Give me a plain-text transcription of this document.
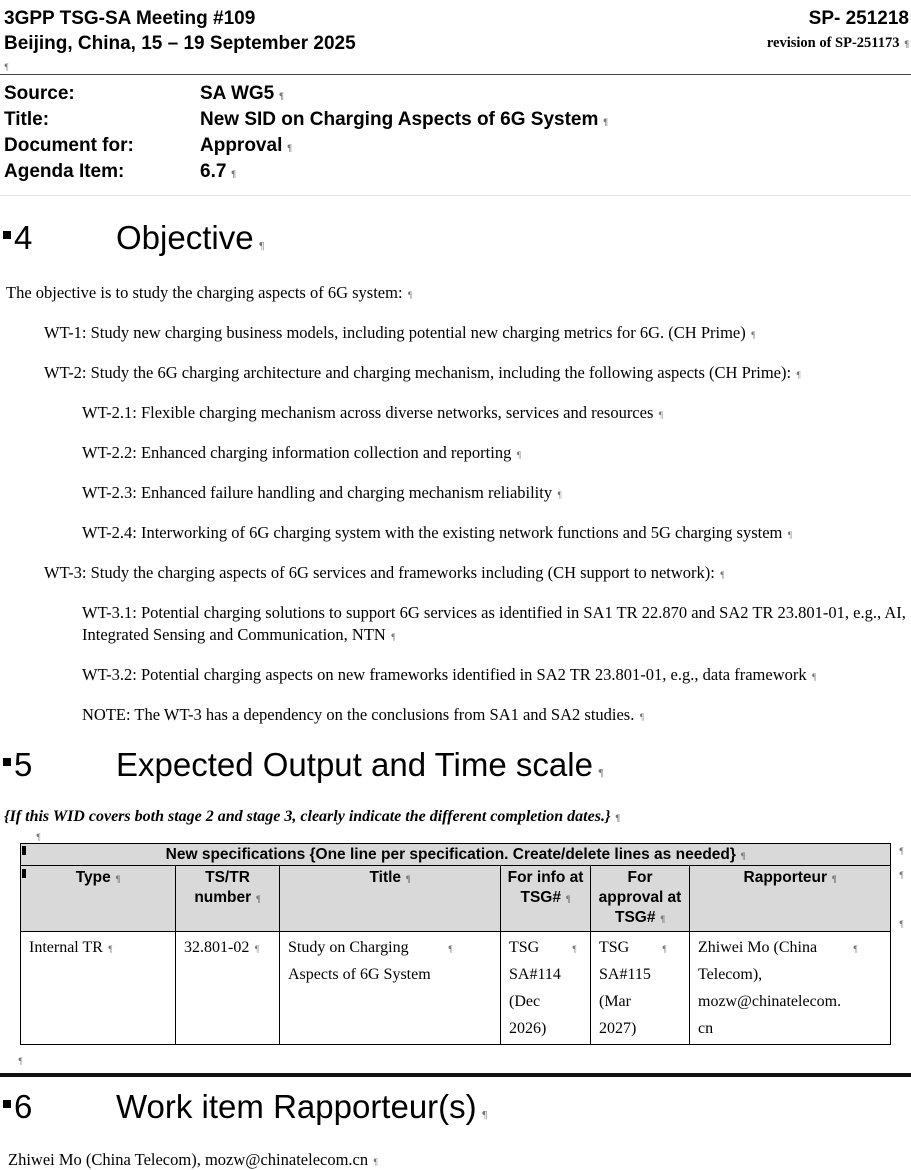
3GPP TSG-SA Meeting #109
Beijing, China, 15 – 19 September 2025
SP- 251218
revision of SP-251173 ¶
¶
Source:	SA WG5 ¶
Title:	New SID on Charging Aspects of 6G System ¶
Document for:	Approval ¶
Agenda Item:	6.7 ¶
4	Objective ¶

The objective is to study the charging aspects of 6G system: ¶

WT-1: Study new charging business models, including potential new charging metrics for 6G. (CH Prime) ¶

WT-2: Study the 6G charging architecture and charging mechanism, including the following aspects (CH Prime): ¶

WT-2.1: Flexible charging mechanism across diverse networks, services and resources ¶

WT-2.2: Enhanced charging information collection and reporting ¶

WT-2.3: Enhanced failure handling and charging mechanism reliability ¶

WT-2.4: Interworking of 6G charging system with the existing network functions and 5G charging system ¶

WT-3: Study the charging aspects of 6G services and frameworks including (CH support to network): ¶

WT-3.1: Potential charging solutions to support 6G services as identified in SA1 TR 22.870 and SA2 TR 23.801-01, e.g., AI, Integrated Sensing and Communication, NTN ¶

WT-3.2: Potential charging aspects on new frameworks identified in SA2 TR 23.801-01, e.g., data framework ¶

NOTE: The WT-3 has a dependency on the conclusions from SA1 and SA2 studies. ¶

5	Expected Output and Time scale ¶

{If this WID covers both stage 2 and stage 3, clearly indicate the different completion dates.} ¶

¶
¶
¶
¶
New specifications {One line per specification. Create/delete lines as needed} ¶					
Type ¶	TS/TR number ¶	Title ¶	For info at TSG# ¶	For approval at TSG# ¶	Rapporteur ¶
Internal TR ¶	32.801-02 ¶	Study on Charging Aspects of 6G System¶	TSG SA#114 (Dec 2026)¶	TSG SA#115 (Mar 2027)¶	Zhiwei Mo (China Telecom), mozw@chinatelecom.cn¶
¶
6	Work item Rapporteur(s) ¶

Zhiwei Mo (China Telecom), mozw@chinatelecom.cn ¶
